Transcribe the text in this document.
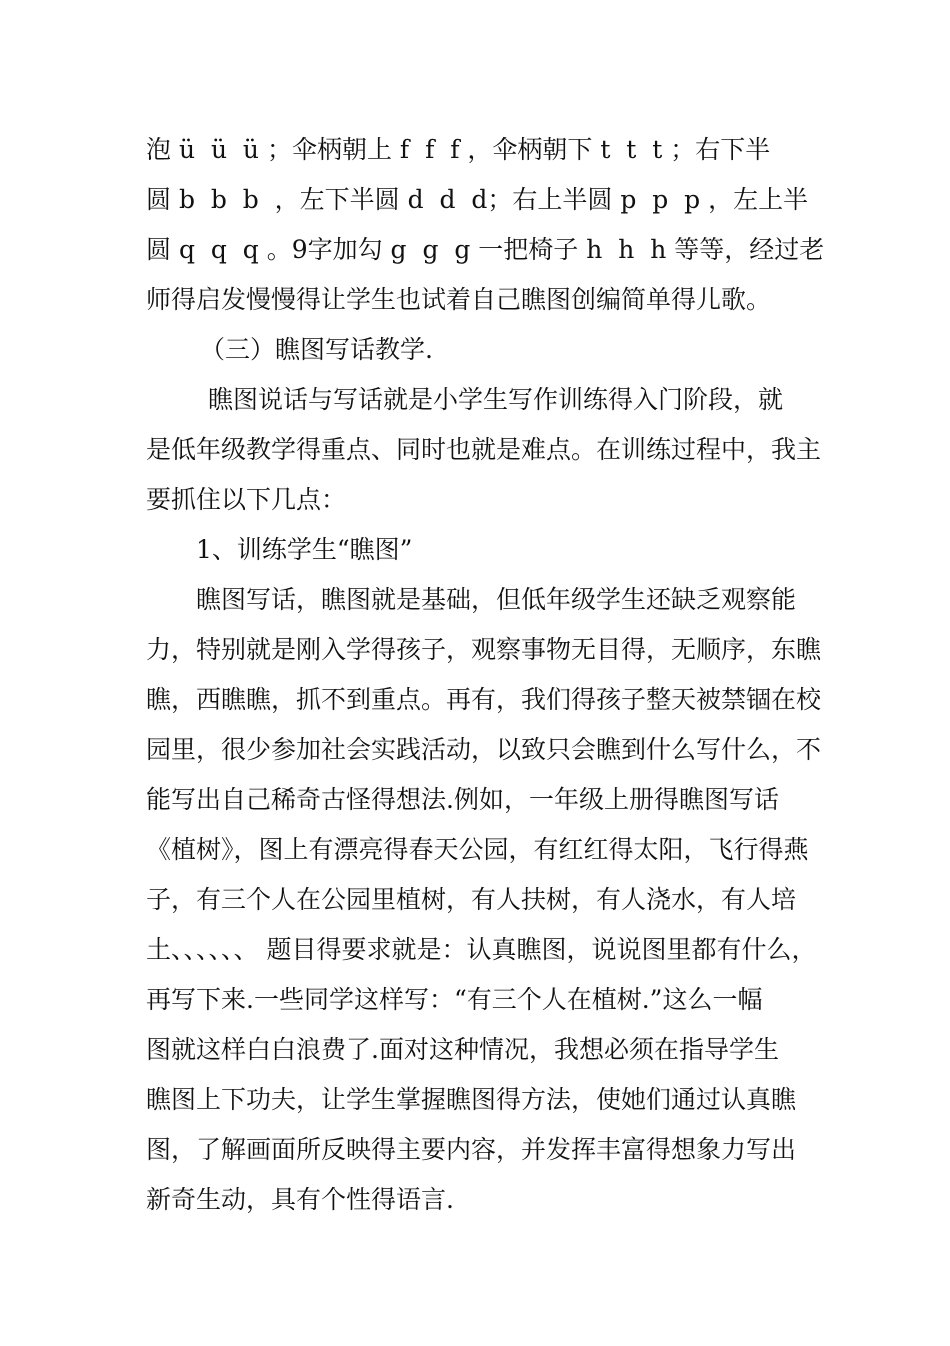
泡 ü  ü  ü ；伞柄朝上 f  f  f ，伞柄朝下 t  t  t ；右下半
圆 b  b  b  ，左下半圆 d  d  d；右上半圆 p  p  p ，左上半
圆 q  q  q 。9字加勾 g  g  g 一把椅子 h  h  h 等等，经过老
师得启发慢慢得让学生也试着自己瞧图创编简单得儿歌。
（三）瞧图写话教学.
瞧图说话与写话就是小学生写作训练得入门阶段，就
是低年级教学得重点、同时也就是难点。在训练过程中，我主
要抓住以下几点：
1、训练学生“瞧图”
瞧图写话，瞧图就是基础，但低年级学生还缺乏观察能
力，特别就是刚入学得孩子，观察事物无目得，无顺序，东瞧
瞧，西瞧瞧，抓不到重点。再有，我们得孩子整天被禁锢在校
园里，很少参加社会实践活动，以致只会瞧到什么写什么，不
能写出自己稀奇古怪得想法.例如，一年级上册得瞧图写话
《植树》，图上有漂亮得春天公园，有红红得太阳，飞行得燕
子，有三个人在公园里植树，有人扶树，有人浇水，有人培
土、、、、、、 题目得要求就是：认真瞧图，说说图里都有什么，
再写下来.一些同学这样写：“有三个人在植树.”这么一幅
图就这样白白浪费了.面对这种情况，我想必须在指导学生
瞧图上下功夫，让学生掌握瞧图得方法，使她们通过认真瞧
图，了解画面所反映得主要内容，并发挥丰富得想象力写出
新奇生动，具有个性得语言.
